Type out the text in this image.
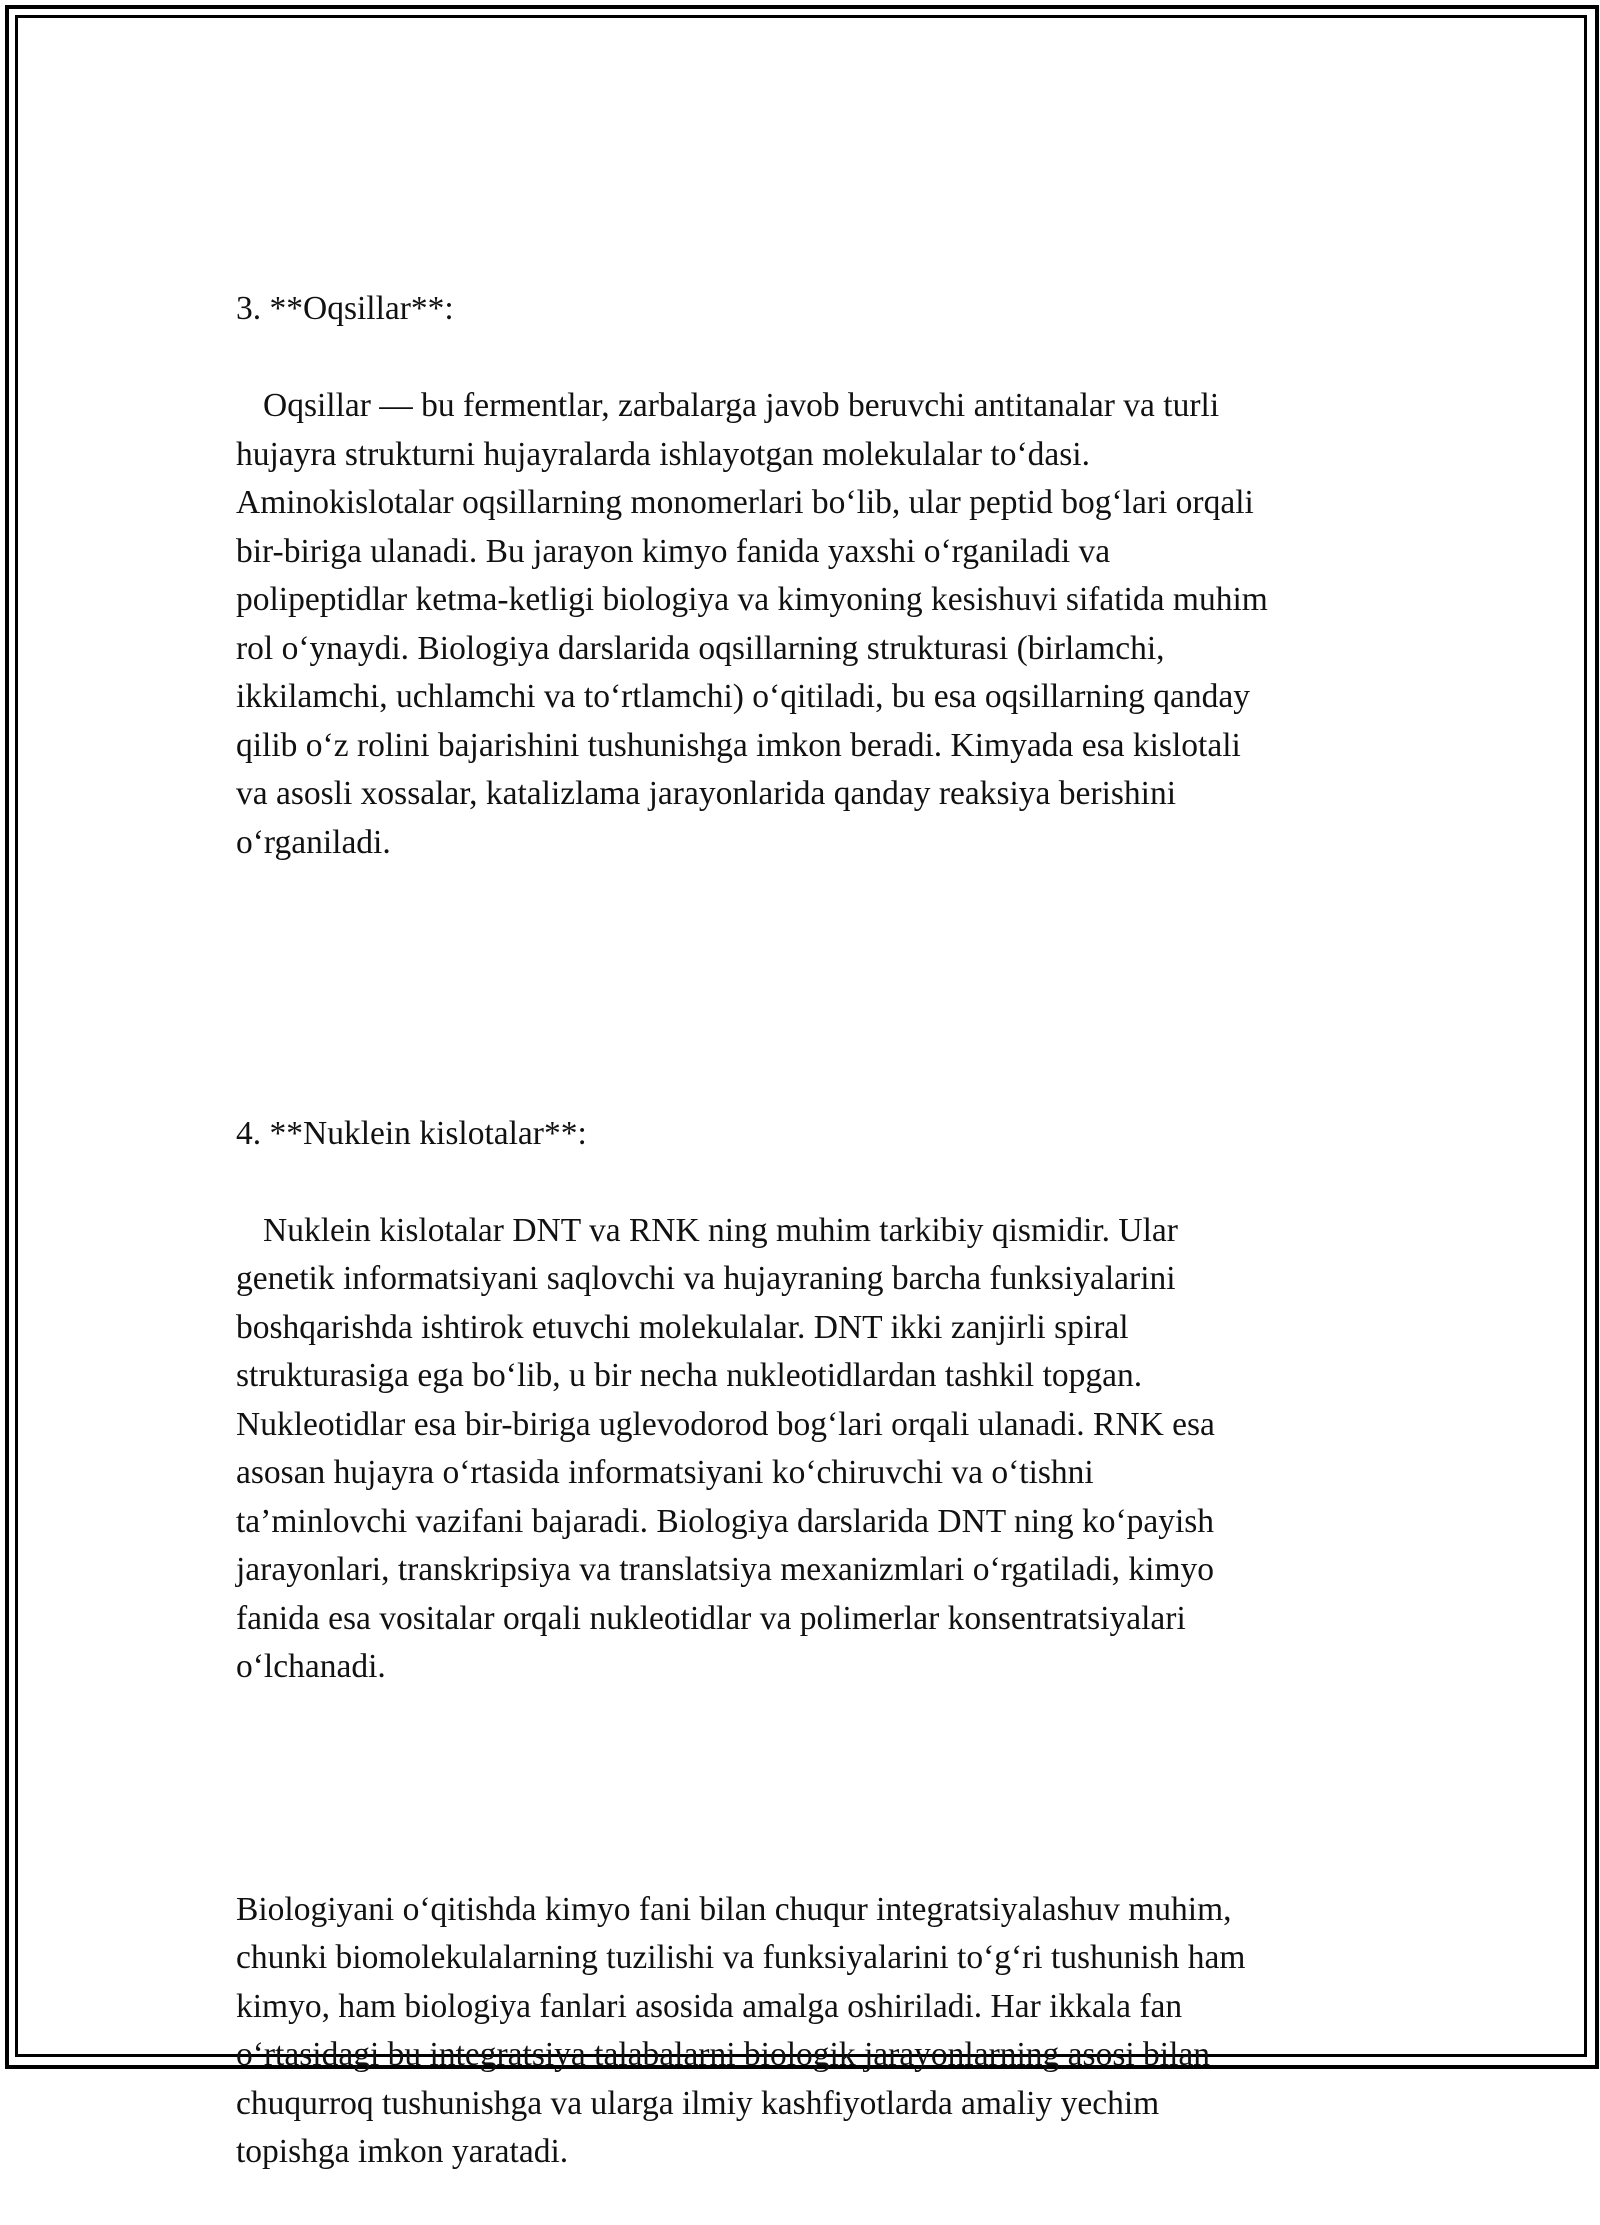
3. **Oqsillar**:

Oqsillar — bu fermentlar, zarbalarga javob beruvchi antitanalar va turli
hujayra strukturni hujayralarda ishlayotgan molekulalar to‘dasi.
Aminokislotalar oqsillarning monomerlari bo‘lib, ular peptid bog‘lari orqali
bir-biriga ulanadi. Bu jarayon kimyo fanida yaxshi o‘rganiladi va
polipeptidlar ketma-ketligi biologiya va kimyoning kesishuvi sifatida muhim
rol o‘ynaydi. Biologiya darslarida oqsillarning strukturasi (birlamchi,
ikkilamchi, uchlamchi va to‘rtlamchi) o‘qitiladi, bu esa oqsillarning qanday
qilib o‘z rolini bajarishini tushunishga imkon beradi. Kimyada esa kislotali
va asosli xossalar, katalizlama jarayonlarida qanday reaksiya berishini
o‘rganiladi.

4. **Nuklein kislotalar**:

Nuklein kislotalar DNT va RNK ning muhim tarkibiy qismidir. Ular
genetik informatsiyani saqlovchi va hujayraning barcha funksiyalarini
boshqarishda ishtirok etuvchi molekulalar. DNT ikki zanjirli spiral
strukturasiga ega bo‘lib, u bir necha nukleotidlardan tashkil topgan.
Nukleotidlar esa bir-biriga uglevodorod bog‘lari orqali ulanadi. RNK esa
asosan hujayra o‘rtasida informatsiyani ko‘chiruvchi va o‘tishni
ta’minlovchi vazifani bajaradi. Biologiya darslarida DNT ning ko‘payish
jarayonlari, transkripsiya va translatsiya mexanizmlari o‘rgatiladi, kimyo
fanida esa vositalar orqali nukleotidlar va polimerlar konsentratsiyalari
o‘lchanadi.

Biologiyani o‘qitishda kimyo fani bilan chuqur integratsiyalashuv muhim,
chunki biomolekulalarning tuzilishi va funksiyalarini to‘g‘ri tushunish ham
kimyo, ham biologiya fanlari asosida amalga oshiriladi. Har ikkala fan
o‘rtasidagi bu integratsiya talabalarni biologik jarayonlarning asosi bilan
chuqurroq tushunishga va ularga ilmiy kashfiyotlarda amaliy yechim
topishga imkon yaratadi.
